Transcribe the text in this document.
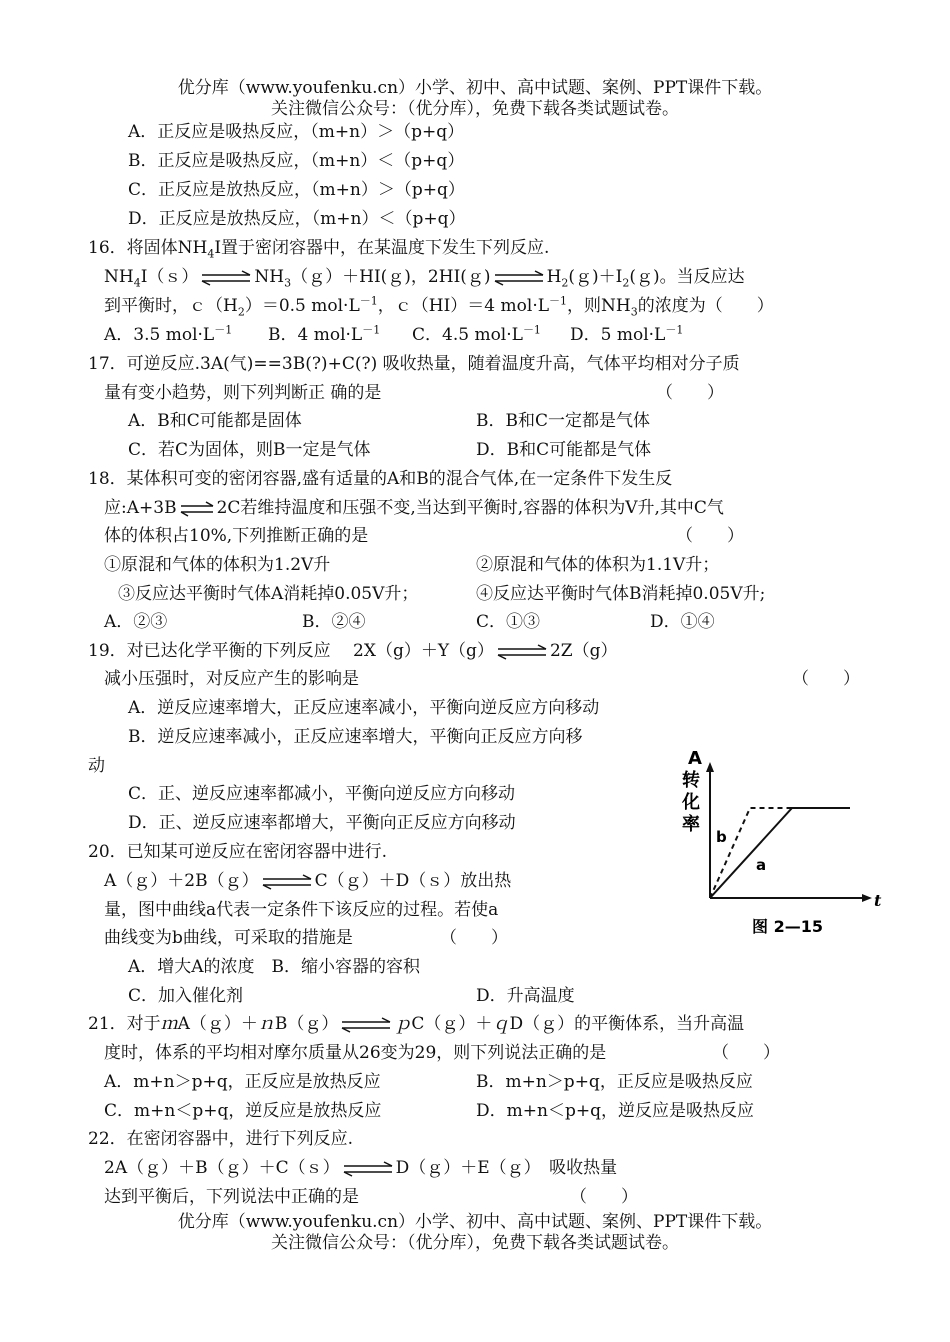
优分库（www.youfenku.cn）小学、初中、高中试题、案例、PPT课件下载。
关注微信公众号：（优分库），免费下载各类试题试卷。
A．正反应是吸热反应，（m+n）＞（p+q）
B．正反应是吸热反应，（m+n）＜（p+q）
C．正反应是放热反应，（m+n）＞（p+q）
D．正反应是放热反应，（m+n）＜（p+q）
16．将固体$NH_4Ⅰ$置于密闭容器中，在某温度下发生下列反应.
$NH_4Ⅰ(s)$ ⇌ $NH_3(g)+HⅠ(g)$，2HI(ｇ) ⇌ $H_2(g)+I_2(g)$。当反应达
到平衡时，$c(H_2)=0.5$ $mol\cdot L^{-1}$，ｃ（HⅠ）＝4 $mol\cdot L^{-1}$，则$NH_3$的浓度为（　　）
A．3.5 $mol\cdot L^{-1}$ B．4 $mol\cdot L^{-1}$ C．4.5 $mol\cdot L^{-1}$ D．5 $mol\cdot L^{-1}$
17．可逆反应.3A(气)==3B(?)+C(?) 吸收热量，随着温度升高，气体平均相对分子质
量有变小趋势，则下列判断正 确的是	（　　）
A．B和C可能都是固体	B．B和C一定都是气体
C．若C为固体，则B一定是气体	D．B和C可能都是气体
18．某体积可变的密闭容器,盛有适量的A和B的混合气体,在一定条件下发生反
应:A+3B ⇌ 2C若维持温度和压强不变,当达到平衡时,容器的体积为V升,其中C气
体的体积占10%,下列推断正确的是	（　　）
①原混和气体的体积为1.2V升	②原混和气体的体积为1.1V升；
③反应达平衡时气体A消耗掉0.05V升；	④反应达平衡时气体B消耗掉0.05V升;
A．②③	B．②④	C．①③	D．①④
19．对已达化学平衡的下列反应　 2X（g）＋Y（g） ⇌ 2Z（g）
减小压强时，对反应产生的影响是	（　　）
A．逆反应速率增大，正反应速率减小，平衡向逆反应方向移动
B．逆反应速率减小，正反应速率增大，平衡向正反应方向移
动
C．正、逆反应速率都减小，平衡向逆反应方向移动
D．正、逆反应速率都增大，平衡向正反应方向移动
20．已知某可逆反应在密闭容器中进行.
A（ｇ）＋2B（ｇ） ⇌ C（ｇ）＋D（ｓ）放出热
量，图中曲线a代表一定条件下该反应的过程。若使a
曲线变为b曲线，可采取的措施是	（　　）
A．增大A的浓度　B．缩小容器的容积
C．加入催化剂	D．升高温度
A
转
化
率
t
a
b
图 2—15
21．对于ｍA（ｇ）＋ｎB（ｇ） ⇌ ｐC（ｇ）＋ｑD（ｇ）的平衡体系，当升高温
度时，体系的平均相对摩尔质量从26变为29，则下列说法正确的是	（　　）
A．m+n＞p+q，正反应是放热反应	B．m+n＞p+q，正反应是吸热反应
C．m+n＜p+q，逆反应是放热反应	D．m+n＜p+q，逆反应是吸热反应
22．在密闭容器中，进行下列反应.
2A（ｇ）＋B（ｇ）＋C（ｓ） ⇌ D（ｇ）＋E（ｇ）　吸收热量
达到平衡后，下列说法中正确的是	（　　）
优分库（www.youfenku.cn）小学、初中、高中试题、案例、PPT课件下载。
关注微信公众号：（优分库），免费下载各类试题试卷。
